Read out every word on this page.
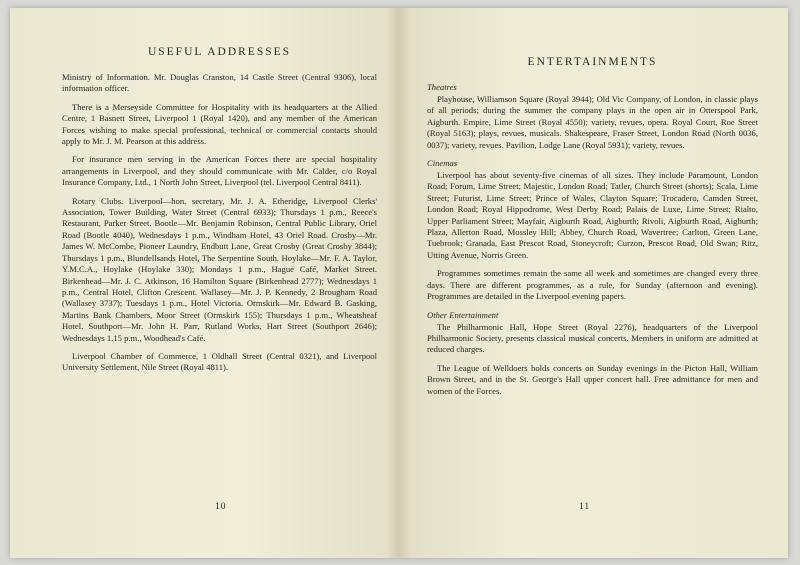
USEFUL ADDRESSES

Ministry of Information. Mr. Douglas Cranston, 14 Castle Street (Central 9306), local information officer.

There is a Merseyside Committee for Hospitality with its headquarters at the Allied Centre, 1 Basnett Street, Liverpool 1 (Royal 1420), and any member of the American Forces wishing to make special professional, technical or commercial contacts should apply to Mr. J. M. Pearson at this address.

For insurance men serving in the American Forces there are special hospitality arrangements in Liverpool, and they should communicate with Mr. Calder, c/o Royal Insurance Company, Ltd., 1 North John Street, Liverpool (tel. Liverpool Central 8411).

Rotary Clubs. Liverpool—hon. secretary, Mr. J. A. Etheridge, Liverpool Clerks' Association, Tower Building, Water Street (Central 6933); Thursdays 1 p.m., Reece's Restaurant, Parker Street. Bootle—Mr. Benjamin Robinson, Central Public Library, Oriel Road (Bootle 4040), Wednesdays 1 p.m., Windham Hotel, 43 Oriel Road. Crosby—Mr. James W. McCombe, Pioneer Laundry, Endbutt Lane, Great Crosby (Great Crosby 3844); Thursdays 1 p.m., Blundellsands Hotel, The Serpentine South. Hoylake—Mr. F. A. Taylor, Y.M.C.A., Hoylake (Hoylake 330); Mondays 1 p.m., Hague Café, Market Street. Birkenhead—Mr. J. C. Atkinson, 16 Hamilton Square (Birkenhead 2777); Wednesdays 1 p.m., Central Hotel, Clifton Crescent. Wallasey—Mr. J. P. Kennedy, 2 Brougham Road (Wallasey 3737); Tuesdays 1 p.m., Hotel Victoria. Ormskirk—Mr. Edward B. Gasking, Martins Bank Chambers, Moor Street (Ormskirk 155); Thursdays 1 p.m., Wheatsheaf Hotel. Southport—Mr. John H. Parr, Rutland Works, Hart Street (Southport 2646); Wednesdays 1.15 p.m., Woodhead's Café.

Liverpool Chamber of Commerce, 1 Oldhall Street (Central 0321), and Liverpool University Settlement, Nile Street (Royal 4811).

10
ENTERTAINMENTS
Theatres

Playhouse, Williamson Square (Royal 3944); Old Vic Company, of London, in classic plays of all periods; during the summer the company plays in the open air in Otterspool Park, Aigburth. Empire, Lime Street (Royal 4550); variety, revues, opera. Royal Court, Roe Street (Royal 5163); plays, revues, musicals. Shakespeare, Fraser Street, London Road (North 0036, 0037); variety, revues. Pavilion, Lodge Lane (Royal 5931); variety, revues.

Cinemas

Liverpool has about seventy-five cinemas of all sizes. They include Paramount, London Road; Forum, Lime Street; Majestic, London Road; Tatler, Church Street (shorts); Scala, Lime Street; Futurist, Lime Street; Prince of Wales, Clayton Square; Trocadero, Camden Street, London Road; Royal Hippodrome, West Derby Road; Palais de Luxe, Lime Street; Rialto, Upper Parliament Street; Mayfair, Aigburth Road, Aigburth; Rivoli, Aigburth Road, Aigburth; Plaza, Allerton Road, Mossley Hill; Abbey, Church Road, Wavertree; Carlton, Green Lane, Tuebrook; Granada, East Prescot Road, Stoneycroft; Curzon, Prescot Road, Old Swan; Ritz, Utting Avenue, Norris Green.

Programmes sometimes remain the same all week and sometimes are changed every three days. There are different programmes, as a rule, for Sunday (afternoon and evening). Programmes are detailed in the Liverpool evening papers.

Other Entertainment

The Philharmonic Hall, Hope Street (Royal 2276), headquarters of the Liverpool Philharmonic Society, presents classical musical concerts. Members in uniform are admitted at reduced charges.

The League of Welldoers holds concerts on Sunday evenings in the Picton Hall, William Brown Street, and in the St. George's Hall upper concert hall. Free admittance for men and women of the Forces.

11
